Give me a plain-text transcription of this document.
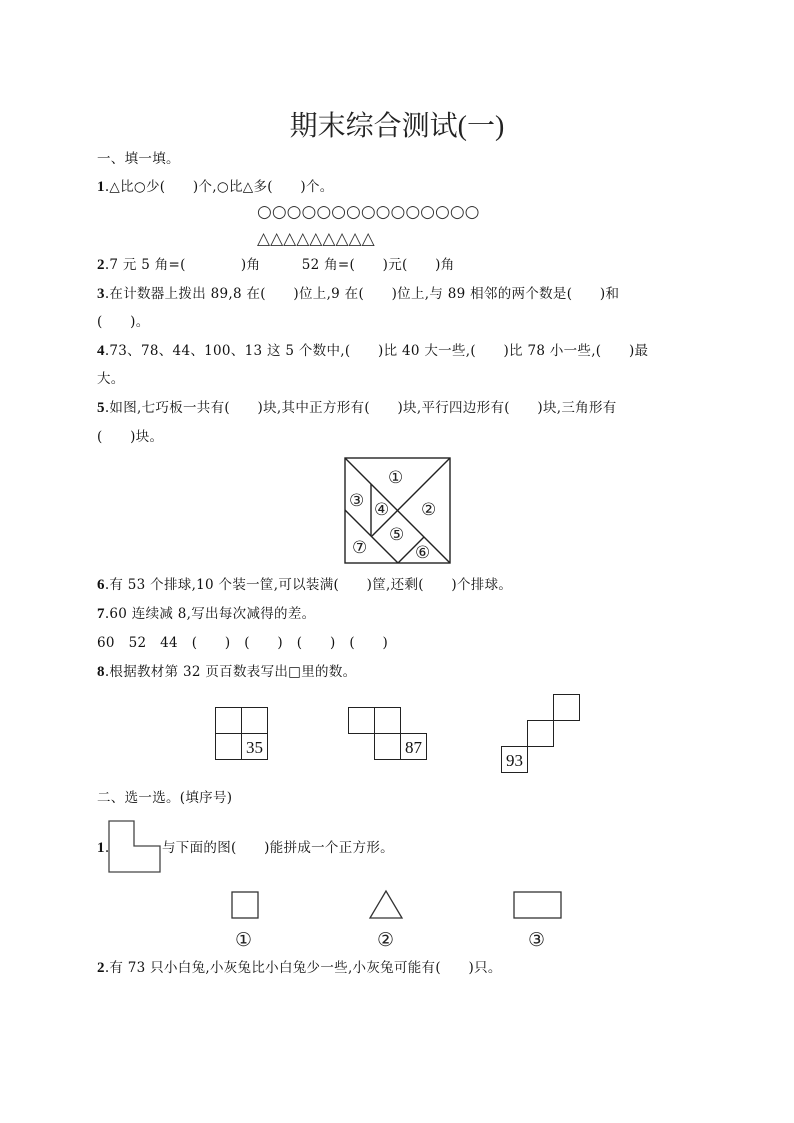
期末综合测试(一)
一、填一填。
1.△比○少(　　)个,○比△多(　　)个。
○○○○○○○○○○○○○○○
△△△△△△△△△
2.7 元 5 角=(　　　　)角　　　52 角=(　　)元(　　)角
3.在计数器上拨出 89,8 在(　　)位上,9 在(　　)位上,与 89 相邻的两个数是(　　)和
(　　)。
4.73、78、44、100、13 这 5 个数中,(　　)比 40 大一些,(　　)比 78 小一些,(　　)最
大。
5.如图,七巧板一共有(　　)块,其中正方形有(　　)块,平行四边形有(　　)块,三角形有
(　　)块。
①
②
③ ④
⑤
⑥
⑦
6.有 53 个排球,10 个装一筐,可以装满(　　)筐,还剩(　　)个排球。
7.60 连续减 8,写出每次减得的差。
60　52　44　(　　)　(　　)　(　　)　(　　)
8.根据教材第 32 页百数表写出□里的数。
35	87
93
二、选一选。(填序号)
1.	与下面的图(　　)能拼成一个正方形。
①	②	③
2.有 73 只小白兔,小灰兔比小白兔少一些,小灰兔可能有(　　)只。
